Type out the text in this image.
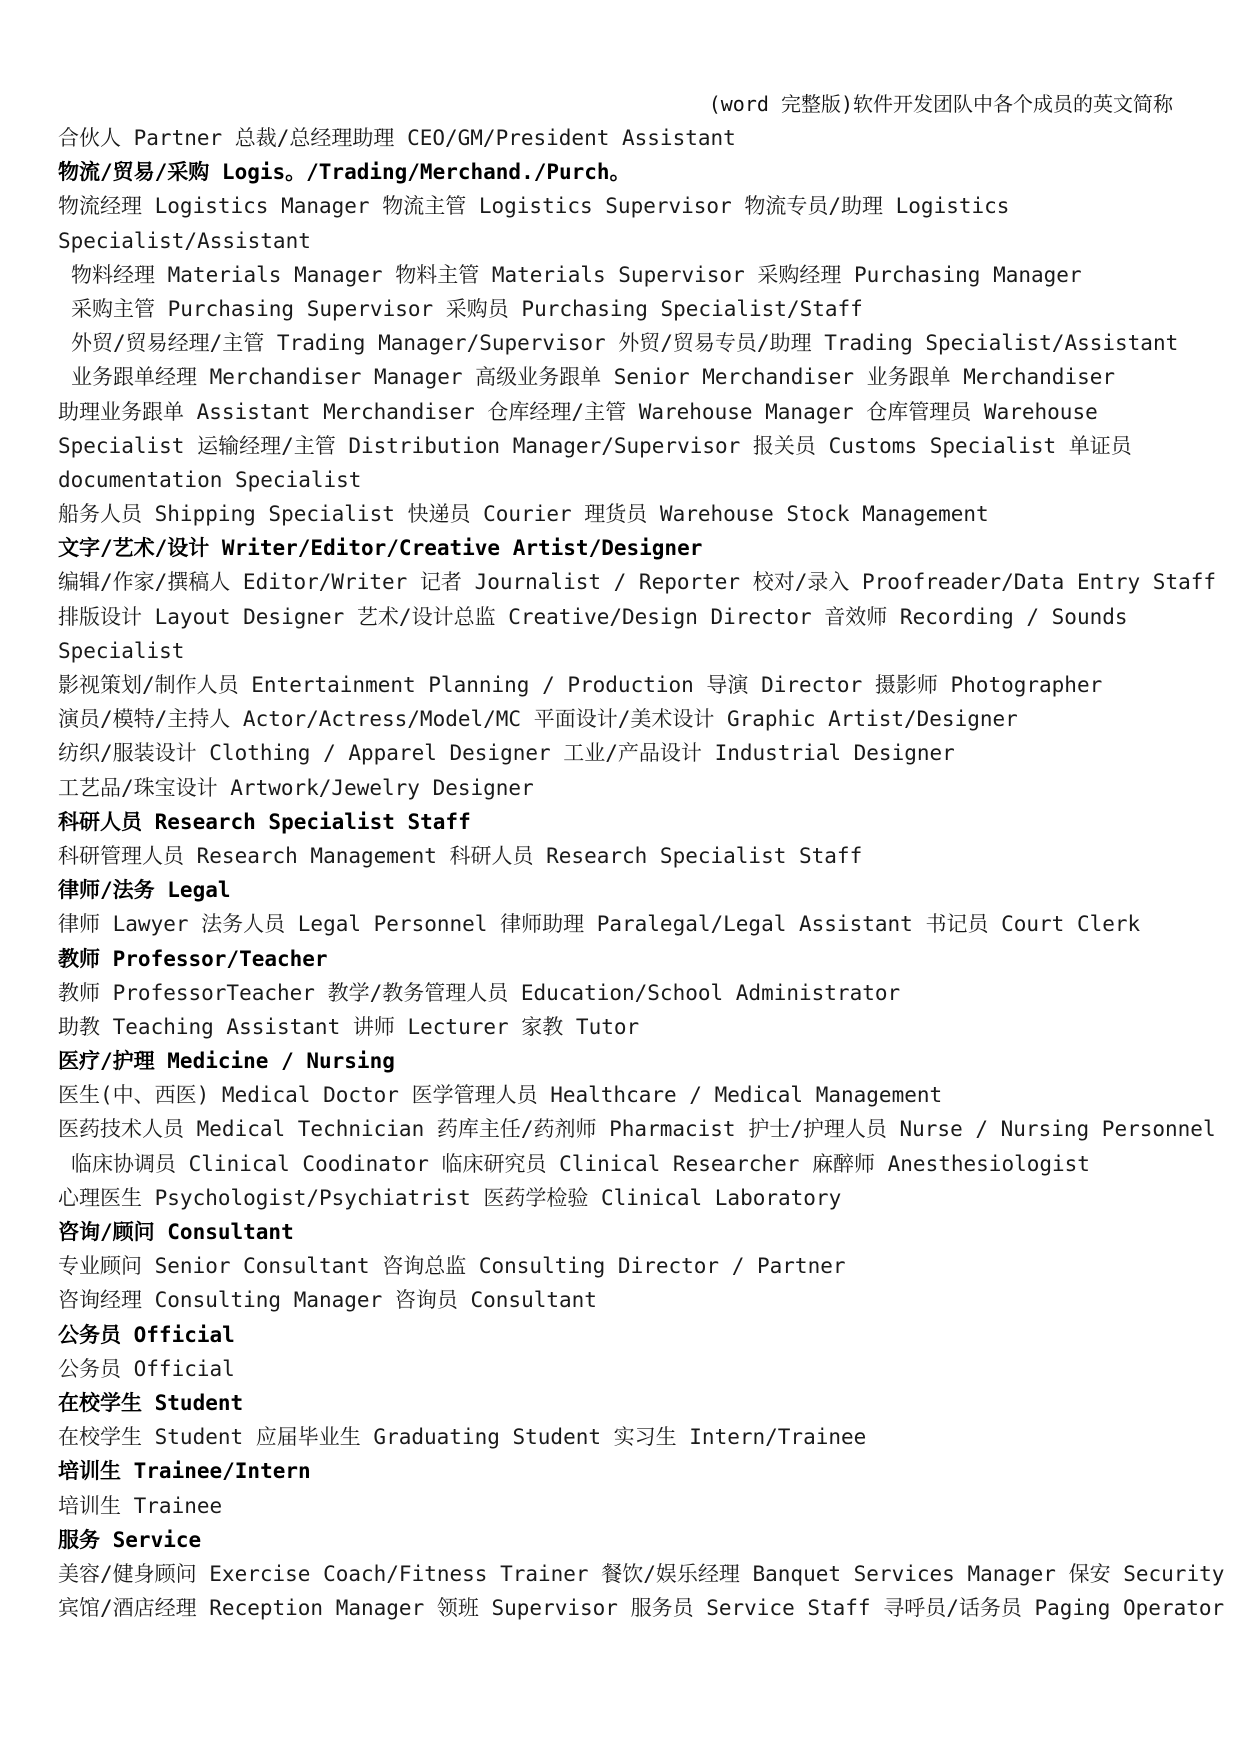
(word 完整版)软件开发团队中各个成员的英文简称
合伙人 Partner 总裁/总经理助理 CEO/GM/President Assistant
物流/贸易/采购 Logis。/Trading/Merchand./Purch。
物流经理 Logistics Manager 物流主管 Logistics Supervisor 物流专员/助理 Logistics
Specialist/Assistant
物料经理 Materials Manager 物料主管 Materials Supervisor 采购经理 Purchasing Manager
采购主管 Purchasing Supervisor 采购员 Purchasing Specialist/Staff
外贸/贸易经理/主管 Trading Manager/Supervisor 外贸/贸易专员/助理 Trading Specialist/Assistant
业务跟单经理 Merchandiser Manager 高级业务跟单 Senior Merchandiser 业务跟单 Merchandiser
助理业务跟单 Assistant Merchandiser 仓库经理/主管 Warehouse Manager 仓库管理员 Warehouse
Specialist 运输经理/主管 Distribution Manager/Supervisor 报关员 Customs Specialist 单证员
documentation Specialist
船务人员 Shipping Specialist 快递员 Courier 理货员 Warehouse Stock Management
文字/艺术/设计 Writer/Editor/Creative Artist/Designer
编辑/作家/撰稿人 Editor/Writer 记者 Journalist / Reporter 校对/录入 Proofreader/Data Entry Staff
排版设计 Layout Designer 艺术/设计总监 Creative/Design Director 音效师 Recording / Sounds
Specialist
影视策划/制作人员 Entertainment Planning / Production 导演 Director 摄影师 Photographer
演员/模特/主持人 Actor/Actress/Model/MC 平面设计/美术设计 Graphic Artist/Designer
纺织/服装设计 Clothing / Apparel Designer 工业/产品设计 Industrial Designer
工艺品/珠宝设计 Artwork/Jewelry Designer
科研人员 Research Specialist Staff
科研管理人员 Research Management 科研人员 Research Specialist Staff
律师/法务 Legal
律师 Lawyer 法务人员 Legal Personnel 律师助理 Paralegal/Legal Assistant 书记员 Court Clerk
教师 Professor/Teacher
教师 ProfessorTeacher 教学/教务管理人员 Education/School Administrator
助教 Teaching Assistant 讲师 Lecturer 家教 Tutor
医疗/护理 Medicine / Nursing
医生(中、西医) Medical Doctor 医学管理人员 Healthcare / Medical Management
医药技术人员 Medical Technician 药库主任/药剂师 Pharmacist 护士/护理人员 Nurse / Nursing Personnel
临床协调员 Clinical Coodinator 临床研究员 Clinical Researcher 麻醉师 Anesthesiologist
心理医生 Psychologist/Psychiatrist 医药学检验 Clinical Laboratory
咨询/顾问 Consultant
专业顾问 Senior Consultant 咨询总监 Consulting Director / Partner
咨询经理 Consulting Manager 咨询员 Consultant
公务员 Official
公务员 Official
在校学生 Student
在校学生 Student 应届毕业生 Graduating Student 实习生 Intern/Trainee
培训生 Trainee/Intern
培训生 Trainee
服务 Service
美容/健身顾问 Exercise Coach/Fitness Trainer 餐饮/娱乐经理 Banquet Services Manager 保安 Security
宾馆/酒店经理 Reception Manager 领班 Supervisor 服务员 Service Staff 寻呼员/话务员 Paging Operator
